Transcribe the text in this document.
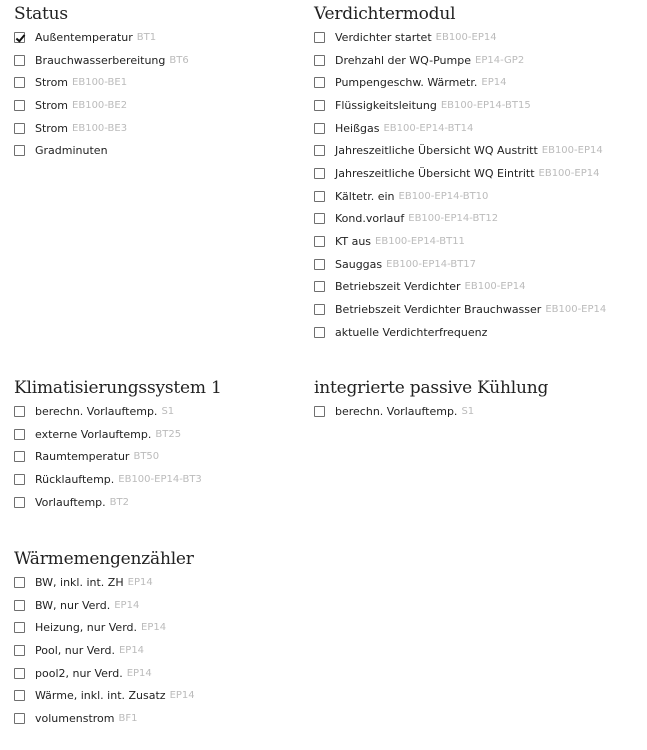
Status
Außentemperatur BT1
Brauchwasserbereitung BT6
Strom EB100-BE1
Strom EB100-BE2
Strom EB100-BE3
Gradminuten
Verdichtermodul
Verdichter startet EB100-EP14
Drehzahl der WQ-Pumpe EP14-GP2
Pumpengeschw. Wärmetr. EP14
Flüssigkeitsleitung EB100-EP14-BT15
Heißgas EB100-EP14-BT14
Jahreszeitliche Übersicht WQ Austritt EB100-EP14
Jahreszeitliche Übersicht WQ Eintritt EB100-EP14
Kältetr. ein EB100-EP14-BT10
Kond.vorlauf EB100-EP14-BT12
KT aus EB100-EP14-BT11
Sauggas EB100-EP14-BT17
Betriebszeit Verdichter EB100-EP14
Betriebszeit Verdichter Brauchwasser EB100-EP14
aktuelle Verdichterfrequenz
Klimatisierungssystem 1
berechn. Vorlauftemp. S1
externe Vorlauftemp. BT25
Raumtemperatur BT50
Rücklauftemp. EB100-EP14-BT3
Vorlauftemp. BT2
integrierte passive Kühlung
berechn. Vorlauftemp. S1
Wärmemengenzähler
BW, inkl. int. ZH EP14
BW, nur Verd. EP14
Heizung, nur Verd. EP14
Pool, nur Verd. EP14
pool2, nur Verd. EP14
Wärme, inkl. int. Zusatz EP14
volumenstrom BF1
